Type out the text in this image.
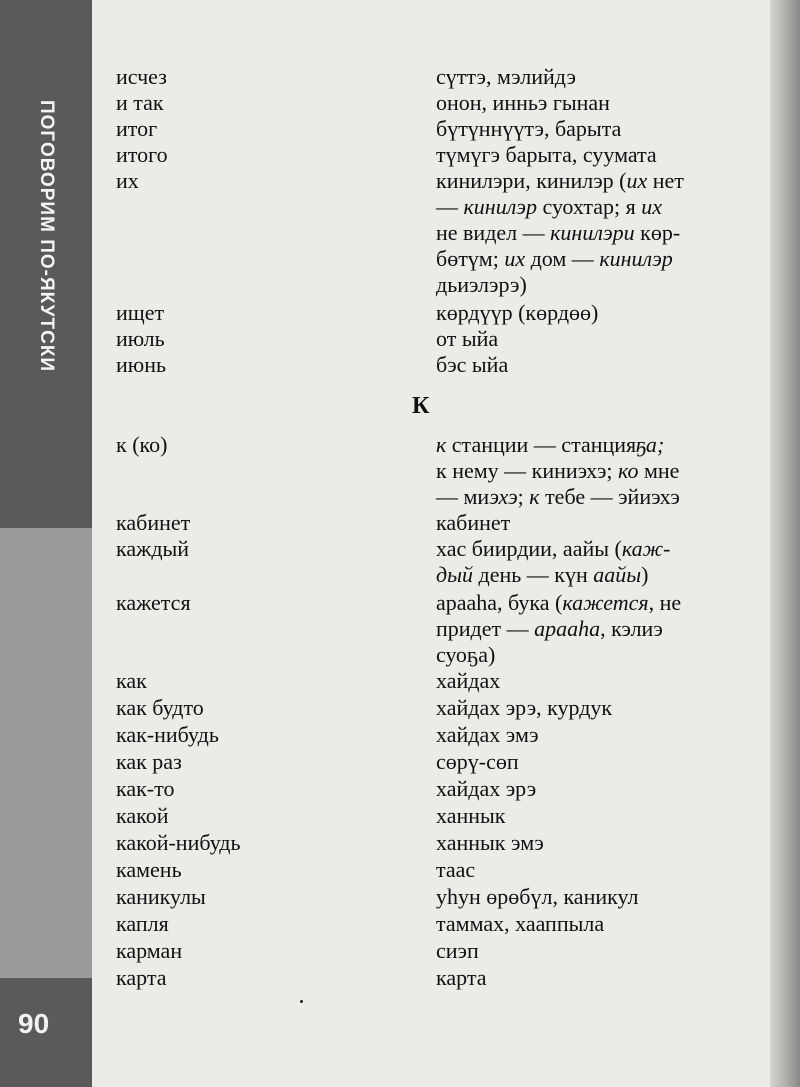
ПОГОВОРИМ ПО-ЯКУТСКИ
90
исчез	сүттэ, мэлийдэ
и так	онон, инньэ гынан
итог	бүтүннүүтэ, барыта
итого	түмүгэ барыта, суумата
их	кинилэри, кинилэр (их нет
— кинилэр суохтар; я их
не видел — кинилэри көр-
бөтүм; их дом — кинилэр
дьиэлэрэ)
ищет	көрдүүр (көрдөө)
июль	от ыйа
июнь	бэс ыйа
К
к (ко)	к станции — станцияҕа;
к нему — киниэхэ; ко мне
— миэхэ; к тебе — эйиэхэ
кабинет	кабинет
каждый	хас биирдии, аайы (каж-
дый день — күн аайы)
кажется	арааһа, бука (кажется, не
придет — арааһа, кэлиэ
суоҕа)
как	хайдах
как будто	хайдах эрэ, курдук
как-нибудь	хайдах эмэ
как раз	сөрү-сөп
как-то	хайдах эрэ
какой	ханнык
какой-нибудь	ханнык эмэ
камень	таас
каникулы	уһун өрөбүл, каникул
капля	таммах, хааппыла
карман	сиэп
карта	карта
